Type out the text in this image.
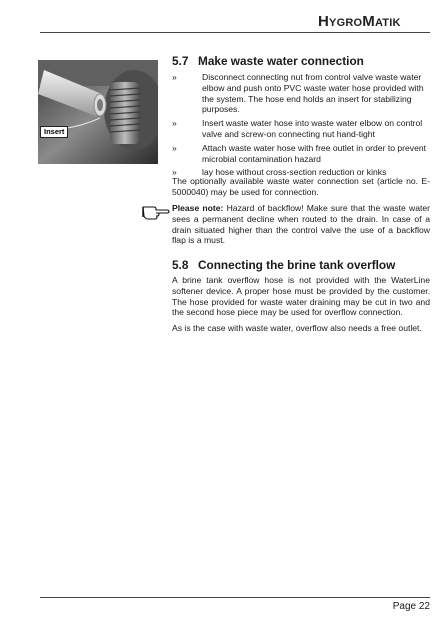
HYGROMATIK
Insert
5.7 Make waste water connection
»	Disconnect connecting nut from control valve waste water elbow and push onto PVC waste water hose provided with the system. The hose end holds an insert for stabilizing purposes.
»	Insert waste water hose into waste water elbow on control valve and screw-on connecting nut hand-tight
»	Attach waste water hose with free outlet in order to prevent microbial contamination hazard
»	lay hose without cross-section reduction or kinks

The optionally available waste water connection set (article no. E-5000040) may be used for connection.

Please note: Hazard of backflow! Make sure that the waste water sees a permanent decline when routed to the drain. In case of a drain situated higher than the control valve the use of a backflow flap is a must.

5.8 Connecting the brine tank overflow

A brine tank overflow hose is not provided with the WaterLine softener device. A proper hose must be provided by the customer. The hose provided for waste water draining may be cut in two and the second hose piece may be used for overflow connection.

As is the case with waste water, overflow also needs a free outlet.

Page 22
